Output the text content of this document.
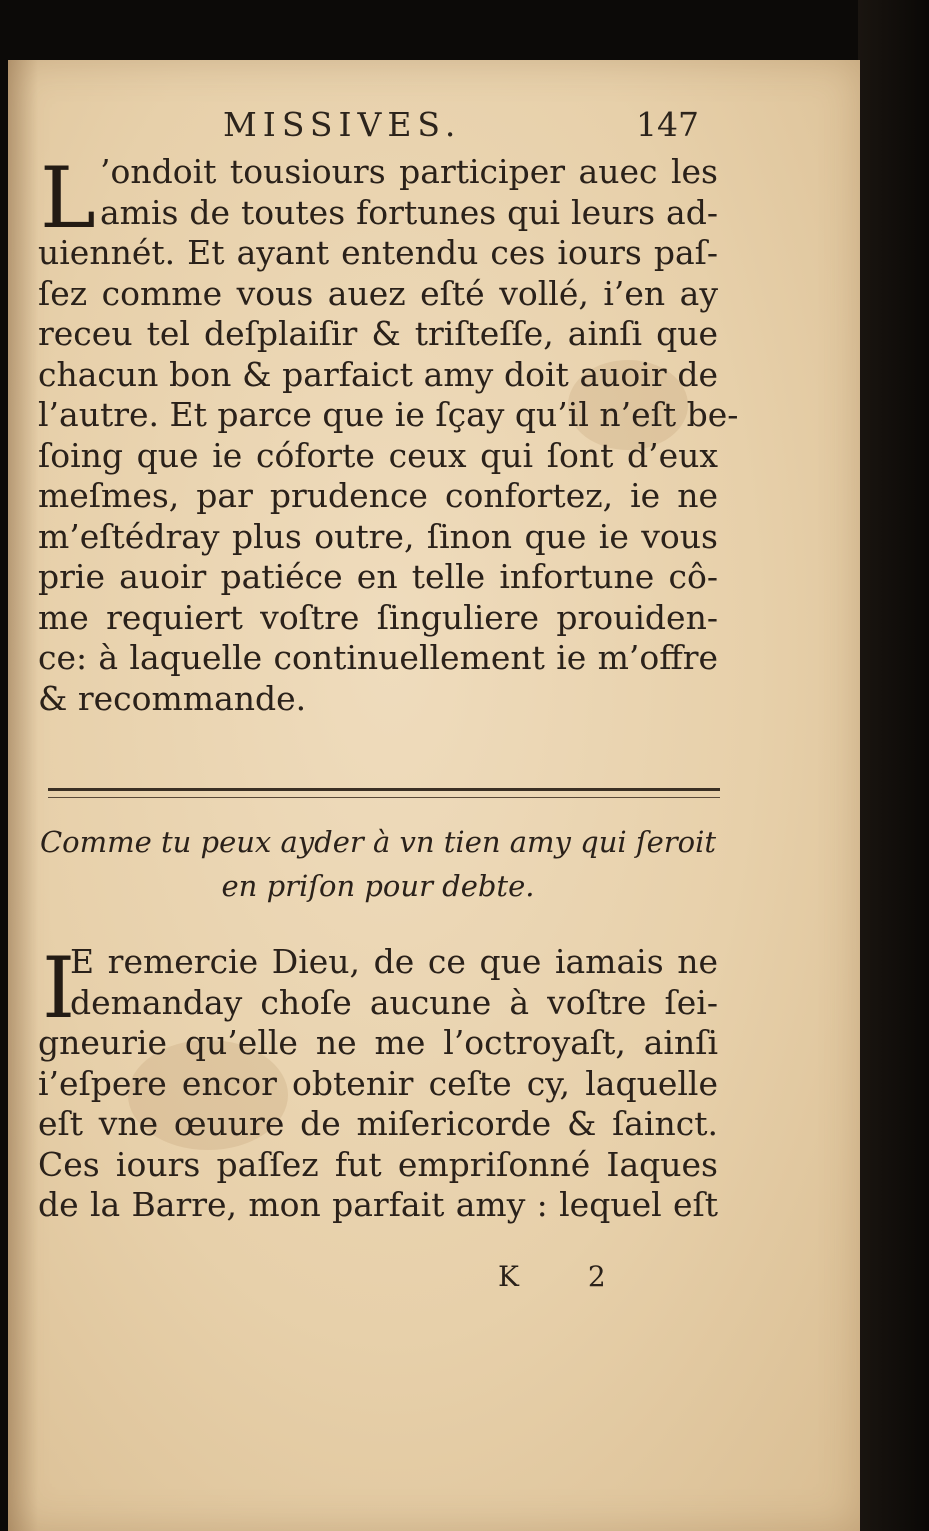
MISSIVES.	147
L ’ondoit tousiours participer auec les
amis de toutes fortunes qui leurs ad-
uiennét. Et ayant entendu ces iours paſ-
ſez comme vous auez eſté vollé, i’en ay
receu tel deſplaiſir & triſteſſe, ainſi que
chacun bon & parfaict amy doit auoir de
l’autre. Et parce que ie ſçay qu’il n’eſt be-
ſoing que ie cóforte ceux qui ſont d’eux
meſmes, par prudence confortez, ie ne
m’eſtédray plus outre, ſinon que ie vous
prie auoir patiéce en telle infortune cô-
me requiert voſtre ſinguliere prouiden-
ce: à laquelle continuellement ie m’offre
& recommande.
Comme tu peux ayder à vn tien amy qui ſeroit
en priſon pour debte.
I
E remercie Dieu, de ce que iamais ne
demanday choſe aucune à voſtre ſei-
gneurie qu’elle ne me l’octroyaſt, ainſi
i’eſpere encor obtenir ceſte cy, laquelle
eſt vne œuure de miſericorde & ſainct.
Ces iours paſſez fut empriſonné Iaques
de la Barre, mon parfait amy : lequel eſt
K 2
